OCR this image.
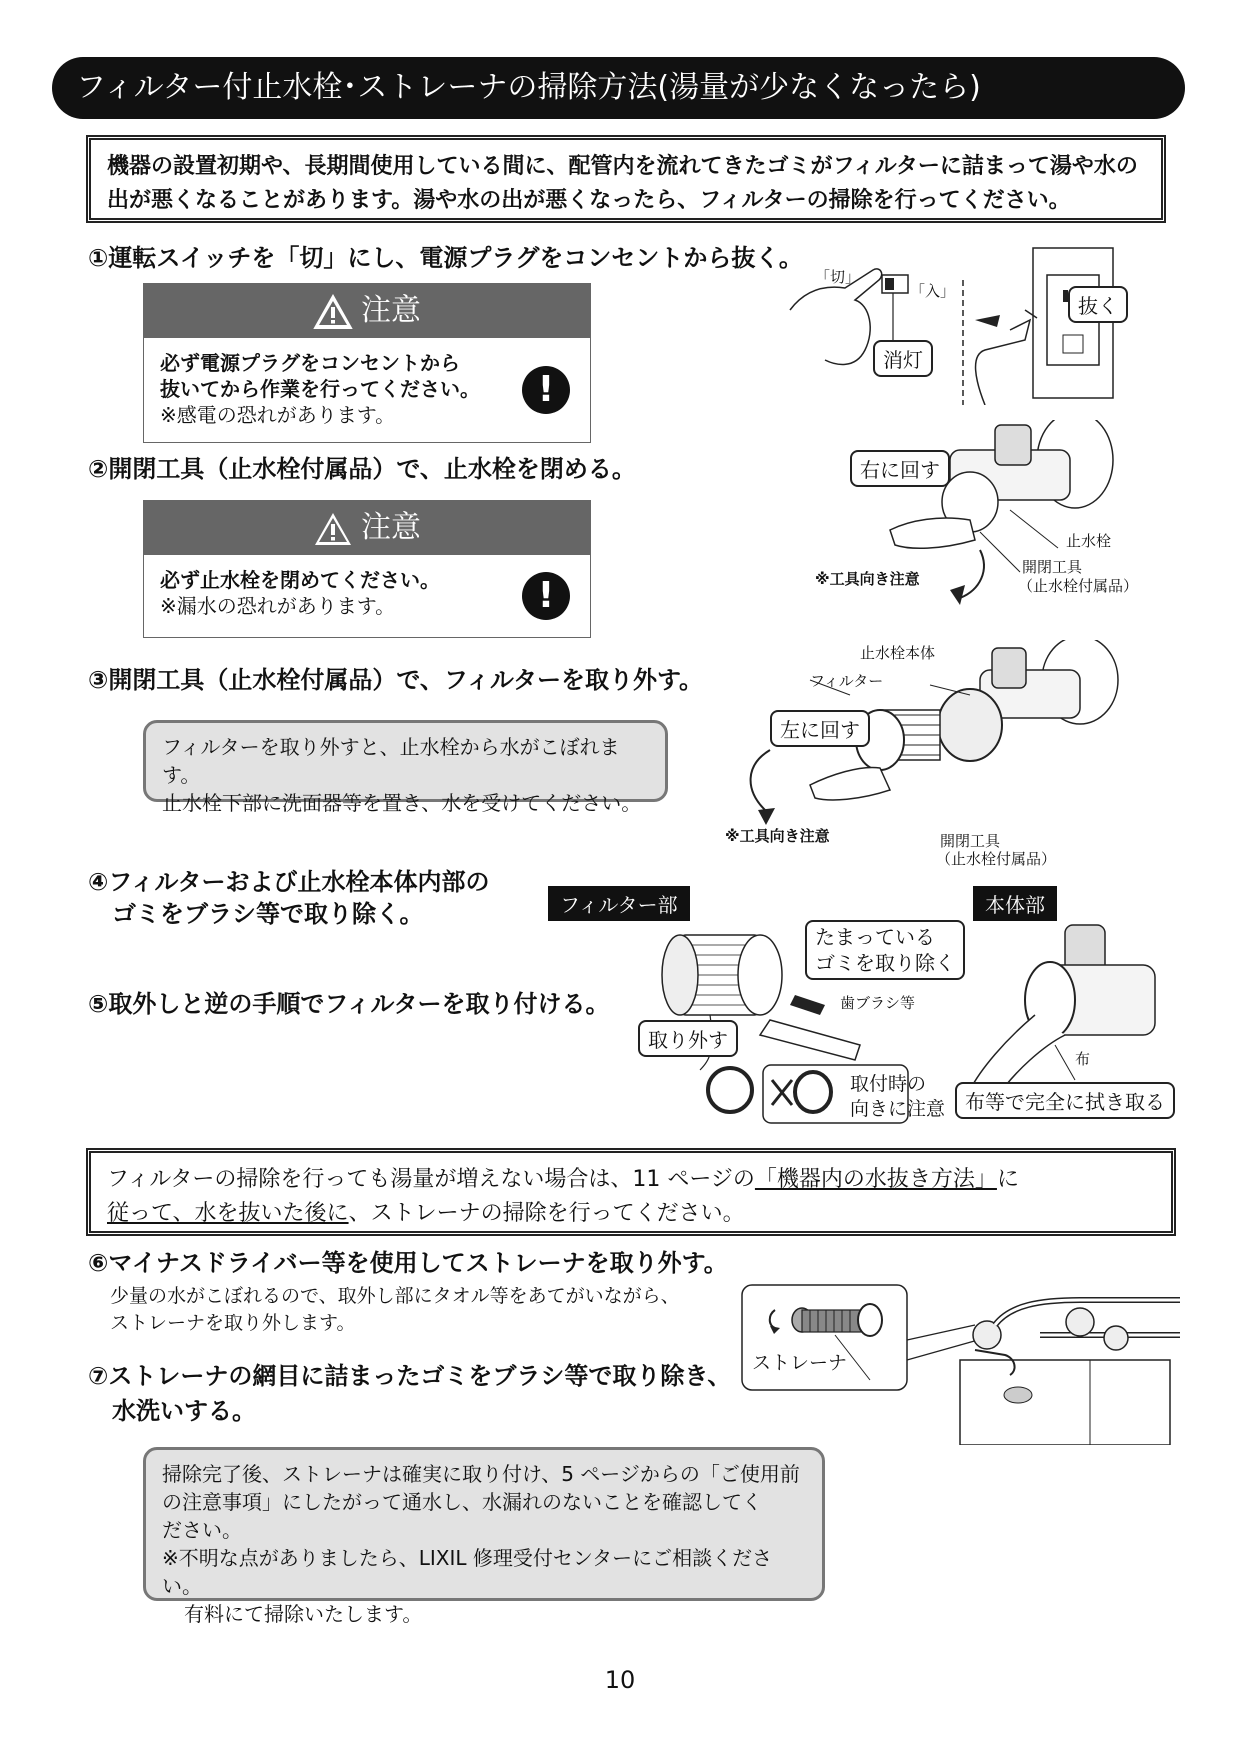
フィルター付止水栓･ストレーナの掃除方法(湯量が少なくなったら)
機器の設置初期や、長期間使用している間に、配管内を流れてきたゴミがフィルターに詰まって湯や水の出が悪くなることがあります。湯や水の出が悪くなったら、フィルターの掃除を行ってください。
①運転スイッチを「切」にし、電源プラグをコンセントから抜く。
注意
必ず電源プラグをコンセントから
抜いてから作業を行ってください。
※感電の恐れがあります。
!
②開閉工具（止水栓付属品）で、止水栓を閉める。
注意
必ず止水栓を閉めてください。
※漏水の恐れがあります。	!
③開閉工具（止水栓付属品）で、フィルターを取り外す。
フィルターを取り外すと、止水栓から水がこぼれます。
止水栓下部に洗面器等を置き、水を受けてください。
④フィルターおよび止水栓本体内部の
ゴミをブラシ等で取り除く。
⑤取外しと逆の手順でフィルターを取り付ける。
「切」
「入」
消灯
抜く
右に回す
止水栓
開閉工具
（止水栓付属品）
※工具向き注意
止水栓本体
フィルター
左に回す
※工具向き注意	開閉工具
（止水栓付属品）
フィルター部	本体部
たまっている
ゴミを取り除く
歯ブラシ等
取り外す
取付時の
向きに注意
布
布等で完全に拭き取る
フィルターの掃除を行っても湯量が増えない場合は、11 ページの「機器内の水抜き方法」に
従って、水を抜いた後に、ストレーナの掃除を行ってください。
⑥マイナスドライバー等を使用してストレーナを取り外す。
少量の水がこぼれるので、取外し部にタオル等をあてがいながら、
ストレーナを取り外します。
⑦ストレーナの網目に詰まったゴミをブラシ等で取り除き、
水洗いする。
ストレーナ
掃除完了後、ストレーナは確実に取り付け、5 ページからの「ご使用前
の注意事項」にしたがって通水し、水漏れのないことを確認してく
ださい。
※不明な点がありましたら、LIXIL 修理受付センターにご相談ください。
有料にて掃除いたします。
10
